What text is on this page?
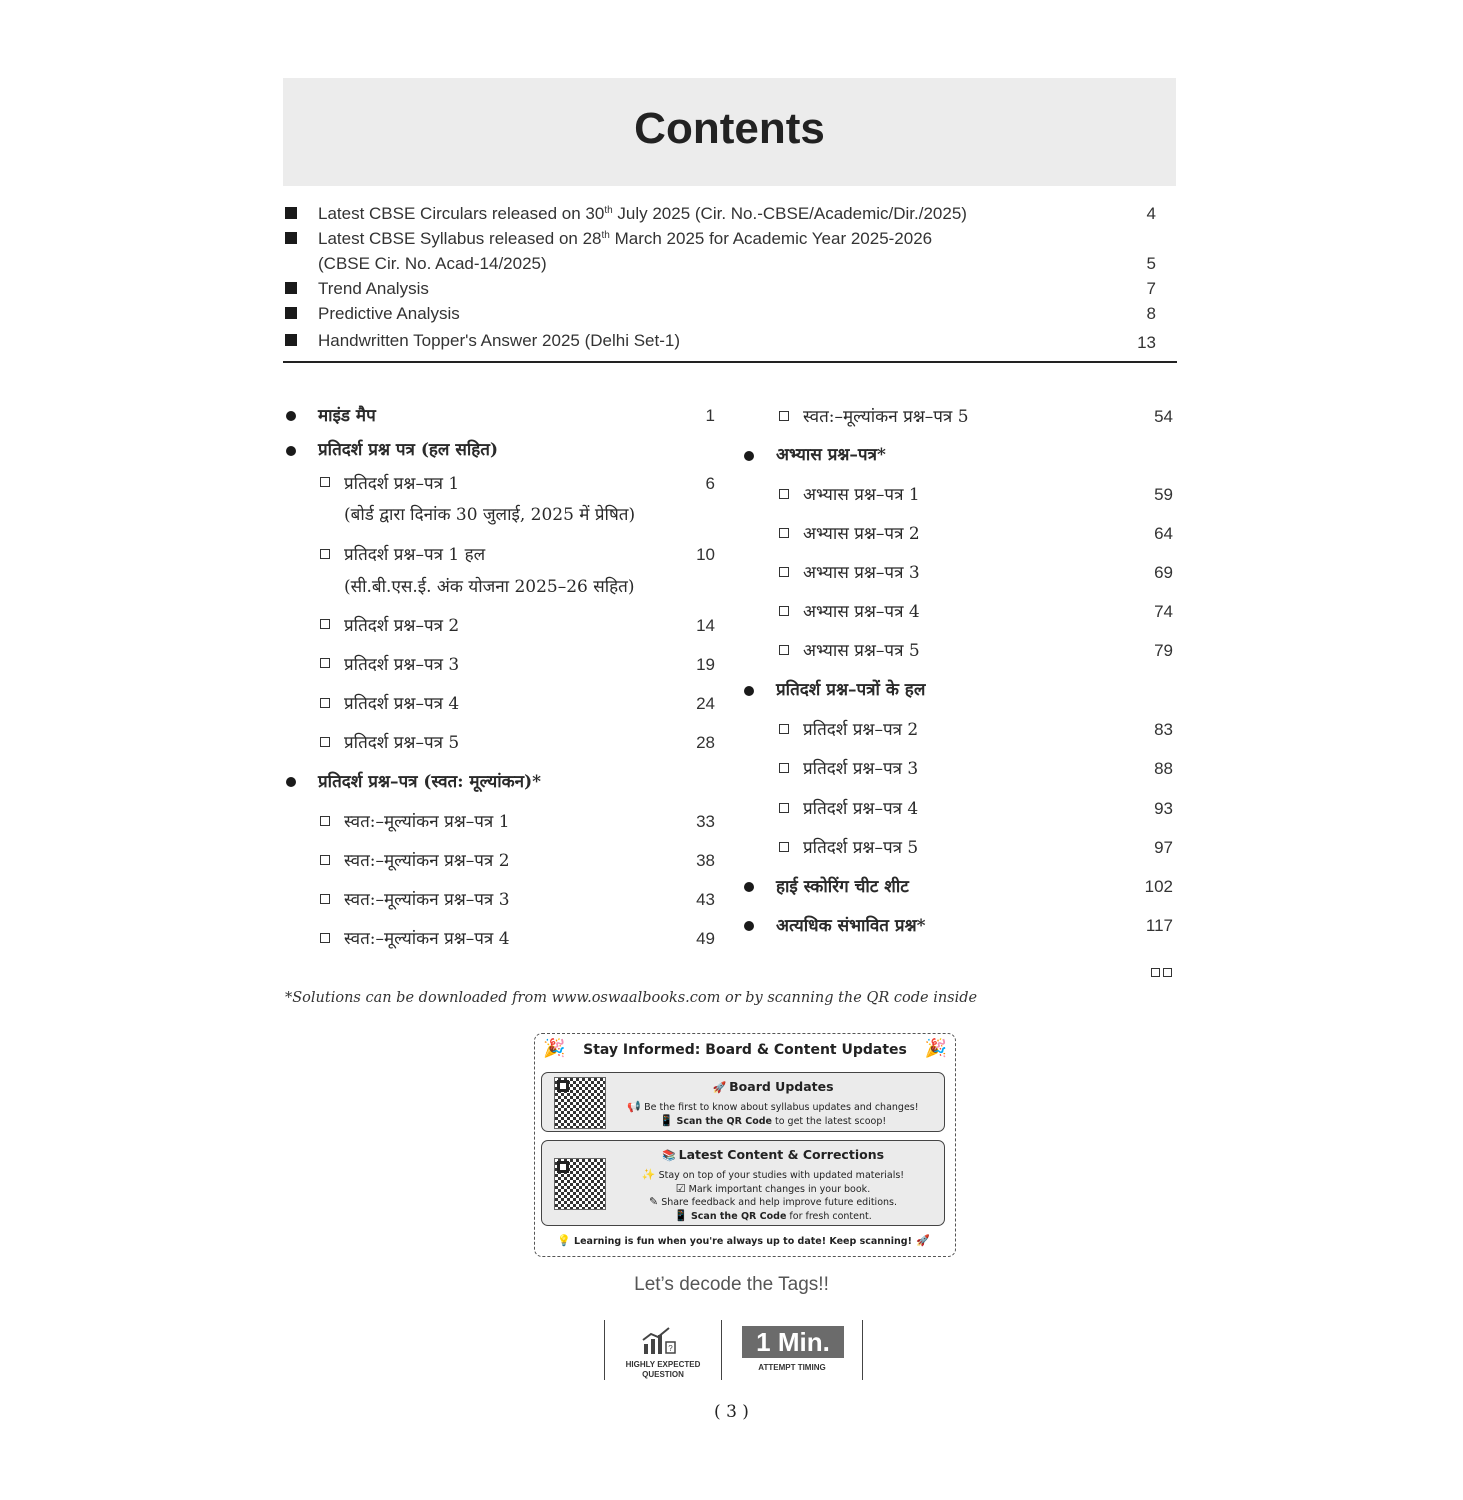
Contents
Latest CBSE Circulars released on 30th July 2025 (Cir. No.-CBSE/Academic/Dir./2025)	4
Latest CBSE Syllabus released on 28th March 2025 for Academic Year 2025-2026
(CBSE Cir. No. Acad-14/2025)	5
Trend Analysis	7
Predictive Analysis	8
Handwritten Topper's Answer 2025 (Delhi Set-1)	13
माइंड मैप	1
प्रतिदर्श प्रश्न पत्र (हल सहित)
प्रतिदर्श प्रश्न–पत्र 1	6
(बोर्ड द्वारा दिनांक 30 जुलाई, 2025 में प्रेषित)
प्रतिदर्श प्रश्न–पत्र 1 हल	10
(सी.बी.एस.ई. अंक योजना 2025–26 सहित)
प्रतिदर्श प्रश्न–पत्र 2	14
प्रतिदर्श प्रश्न–पत्र 3	19
प्रतिदर्श प्रश्न–पत्र 4	24
प्रतिदर्श प्रश्न–पत्र 5	28
प्रतिदर्श प्रश्न–पत्र (स्वत: मूल्यांकन)*
स्वत:–मूल्यांकन प्रश्न–पत्र 1	33
स्वत:–मूल्यांकन प्रश्न–पत्र 2	38
स्वत:–मूल्यांकन प्रश्न–पत्र 3	43
स्वत:–मूल्यांकन प्रश्न–पत्र 4	49
स्वत:–मूल्यांकन प्रश्न–पत्र 5	54
अभ्यास प्रश्न–पत्र*
अभ्यास प्रश्न–पत्र 1	59
अभ्यास प्रश्न–पत्र 2	64
अभ्यास प्रश्न–पत्र 3	69
अभ्यास प्रश्न–पत्र 4	74
अभ्यास प्रश्न–पत्र 5	79
प्रतिदर्श प्रश्न–पत्रों के हल
प्रतिदर्श प्रश्न–पत्र 2	83
प्रतिदर्श प्रश्न–पत्र 3	88
प्रतिदर्श प्रश्न–पत्र 4	93
प्रतिदर्श प्रश्न–पत्र 5	97
हाई स्कोरिंग चीट शीट	102
अत्यधिक संभावित प्रश्न*	117
*Solutions can be downloaded from www.oswaalbooks.com or by scanning the QR code inside
🎉	🎉
Stay Informed: Board & Content Updates
🚀 Board Updates
📢 Be the first to know about syllabus updates and changes!
📱 Scan the QR Code to get the latest scoop!
📚 Latest Content & Corrections
✨ Stay on top of your studies with updated materials!
☑ Mark important changes in your book.
✎ Share feedback and help improve future editions.
📱 Scan the QR Code for fresh content.
💡 Learning is fun when you're always up to date! Keep scanning! 🚀
Let’s decode the Tags!!
?
HIGHLY EXPECTED
QUESTION
1 Min.
ATTEMPT TIMING
( 3 )
